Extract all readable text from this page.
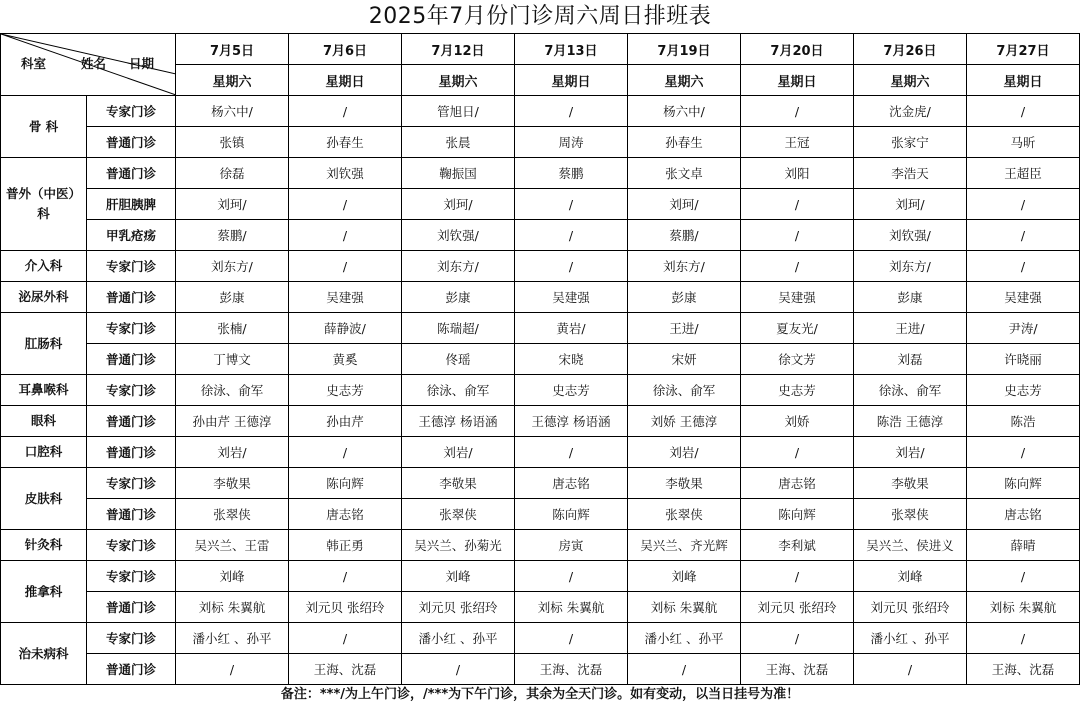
2025年7月份门诊周六周日排班表
科室 姓名 日期		7月5日	7月6日	7月12日	7月13日	7月19日	7月20日	7月26日	7月27日
		星期六	星期日	星期六	星期日	星期六	星期日	星期六	星期日
骨 科	专家门诊	杨六中/	/	管旭日/	/	杨六中/	/	沈金虎/	/
	普通门诊	张镇	孙春生	张晨	周涛	孙春生	王冠	张家宁	马昕
普外（中医）科	普通门诊	徐磊	刘钦强	鞠振国	蔡鹏	张文卓	刘阳	李浩天	王超臣
	肝胆胰脾	刘珂/	/	刘珂/	/	刘珂/	/	刘珂/	/
	甲乳疮疡	蔡鹏/	/	刘钦强/	/	蔡鹏/	/	刘钦强/	/
介入科	专家门诊	刘东方/	/	刘东方/	/	刘东方/	/	刘东方/	/
泌尿外科	普通门诊	彭康	吴建强	彭康	吴建强	彭康	吴建强	彭康	吴建强
肛肠科	专家门诊	张楠/	薛静波/	陈瑞超/	黄岩/	王进/	夏友光/	王进/	尹涛/
	普通门诊	丁博文	黄奚	佟瑶	宋晓	宋妍	徐文芳	刘磊	许晓丽
耳鼻喉科	专家门诊	徐泳、俞军	史志芳	徐泳、俞军	史志芳	徐泳、俞军	史志芳	徐泳、俞军	史志芳
眼科	普通门诊	孙由芹 王德淳	孙由芹	王德淳 杨语涵	王德淳 杨语涵	刘娇 王德淳	刘娇	陈浩 王德淳	陈浩
口腔科	普通门诊	刘岩/	/	刘岩/	/	刘岩/	/	刘岩/	/
皮肤科	专家门诊	李敬果	陈向辉	李敬果	唐志铭	李敬果	唐志铭	李敬果	陈向辉
	普通门诊	张翠侠	唐志铭	张翠侠	陈向辉	张翠侠	陈向辉	张翠侠	唐志铭
针灸科	专家门诊	吴兴兰、王雷	韩正勇	吴兴兰、孙菊光	房寅	吴兴兰、齐光辉	李利斌	吴兴兰、侯进义	薛晴
推拿科	专家门诊	刘峰	/	刘峰	/	刘峰	/	刘峰	/
	普通门诊	刘标 朱翼航	刘元贝 张绍玲	刘元贝 张绍玲	刘标 朱翼航	刘标 朱翼航	刘元贝 张绍玲	刘元贝 张绍玲	刘标 朱翼航
治未病科	专家门诊	潘小红 、孙平	/	潘小红 、孙平	/	潘小红 、孙平	/	潘小红 、孙平	/
	普通门诊	/	王海、沈磊	/	王海、沈磊	/	王海、沈磊	/	王海、沈磊
备注：***/为上午门诊，/***为下午门诊，其余为全天门诊。如有变动，以当日挂号为准！
